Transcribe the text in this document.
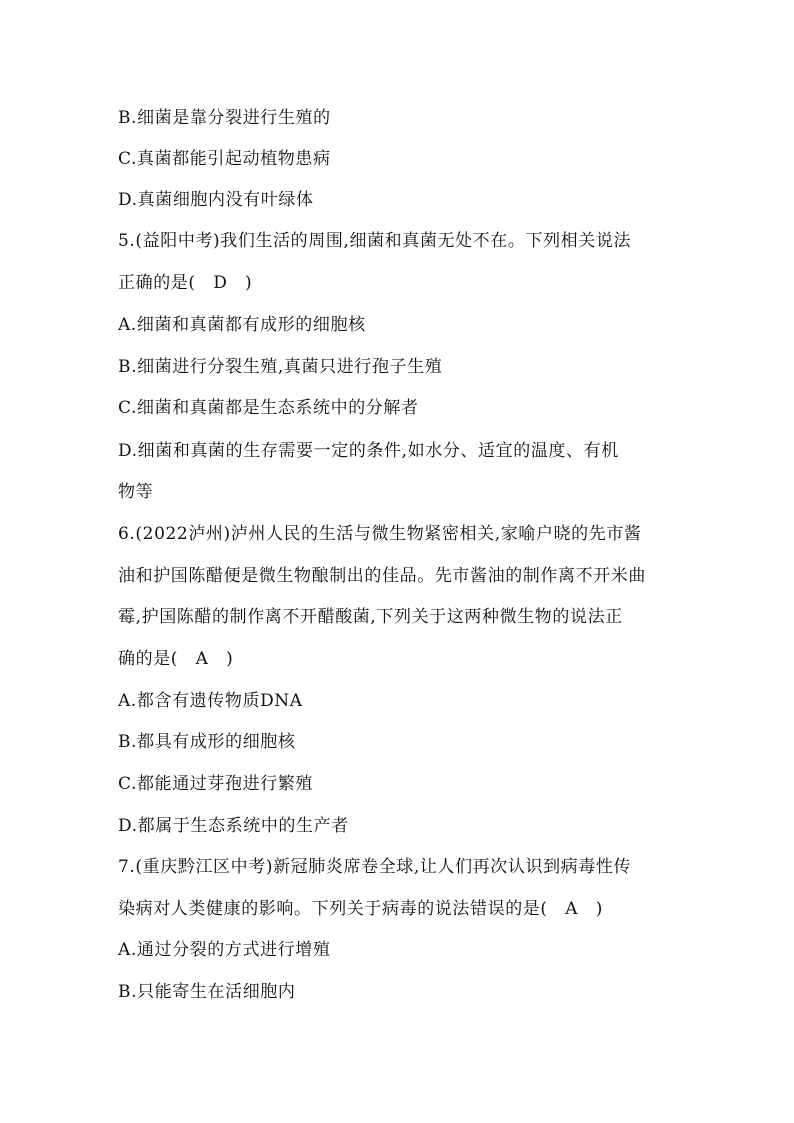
B.细菌是靠分裂进行生殖的
C.真菌都能引起动植物患病
D.真菌细胞内没有叶绿体
5.(益阳中考)我们生活的周围,细菌和真菌无处不在。下列相关说法
正确的是(　D　)
A.细菌和真菌都有成形的细胞核
B.细菌进行分裂生殖,真菌只进行孢子生殖
C.细菌和真菌都是生态系统中的分解者
D.细菌和真菌的生存需要一定的条件,如水分、适宜的温度、有机
物等
6.(2022泸州)泸州人民的生活与微生物紧密相关,家喻户晓的先市酱
油和护国陈醋便是微生物酿制出的佳品。先市酱油的制作离不开米曲
霉,护国陈醋的制作离不开醋酸菌,下列关于这两种微生物的说法正
确的是(　A　)
A.都含有遗传物质DNA
B.都具有成形的细胞核
C.都能通过芽孢进行繁殖
D.都属于生态系统中的生产者
7.(重庆黔江区中考)新冠肺炎席卷全球,让人们再次认识到病毒性传
染病对人类健康的影响。下列关于病毒的说法错误的是(　A　)
A.通过分裂的方式进行增殖
B.只能寄生在活细胞内
